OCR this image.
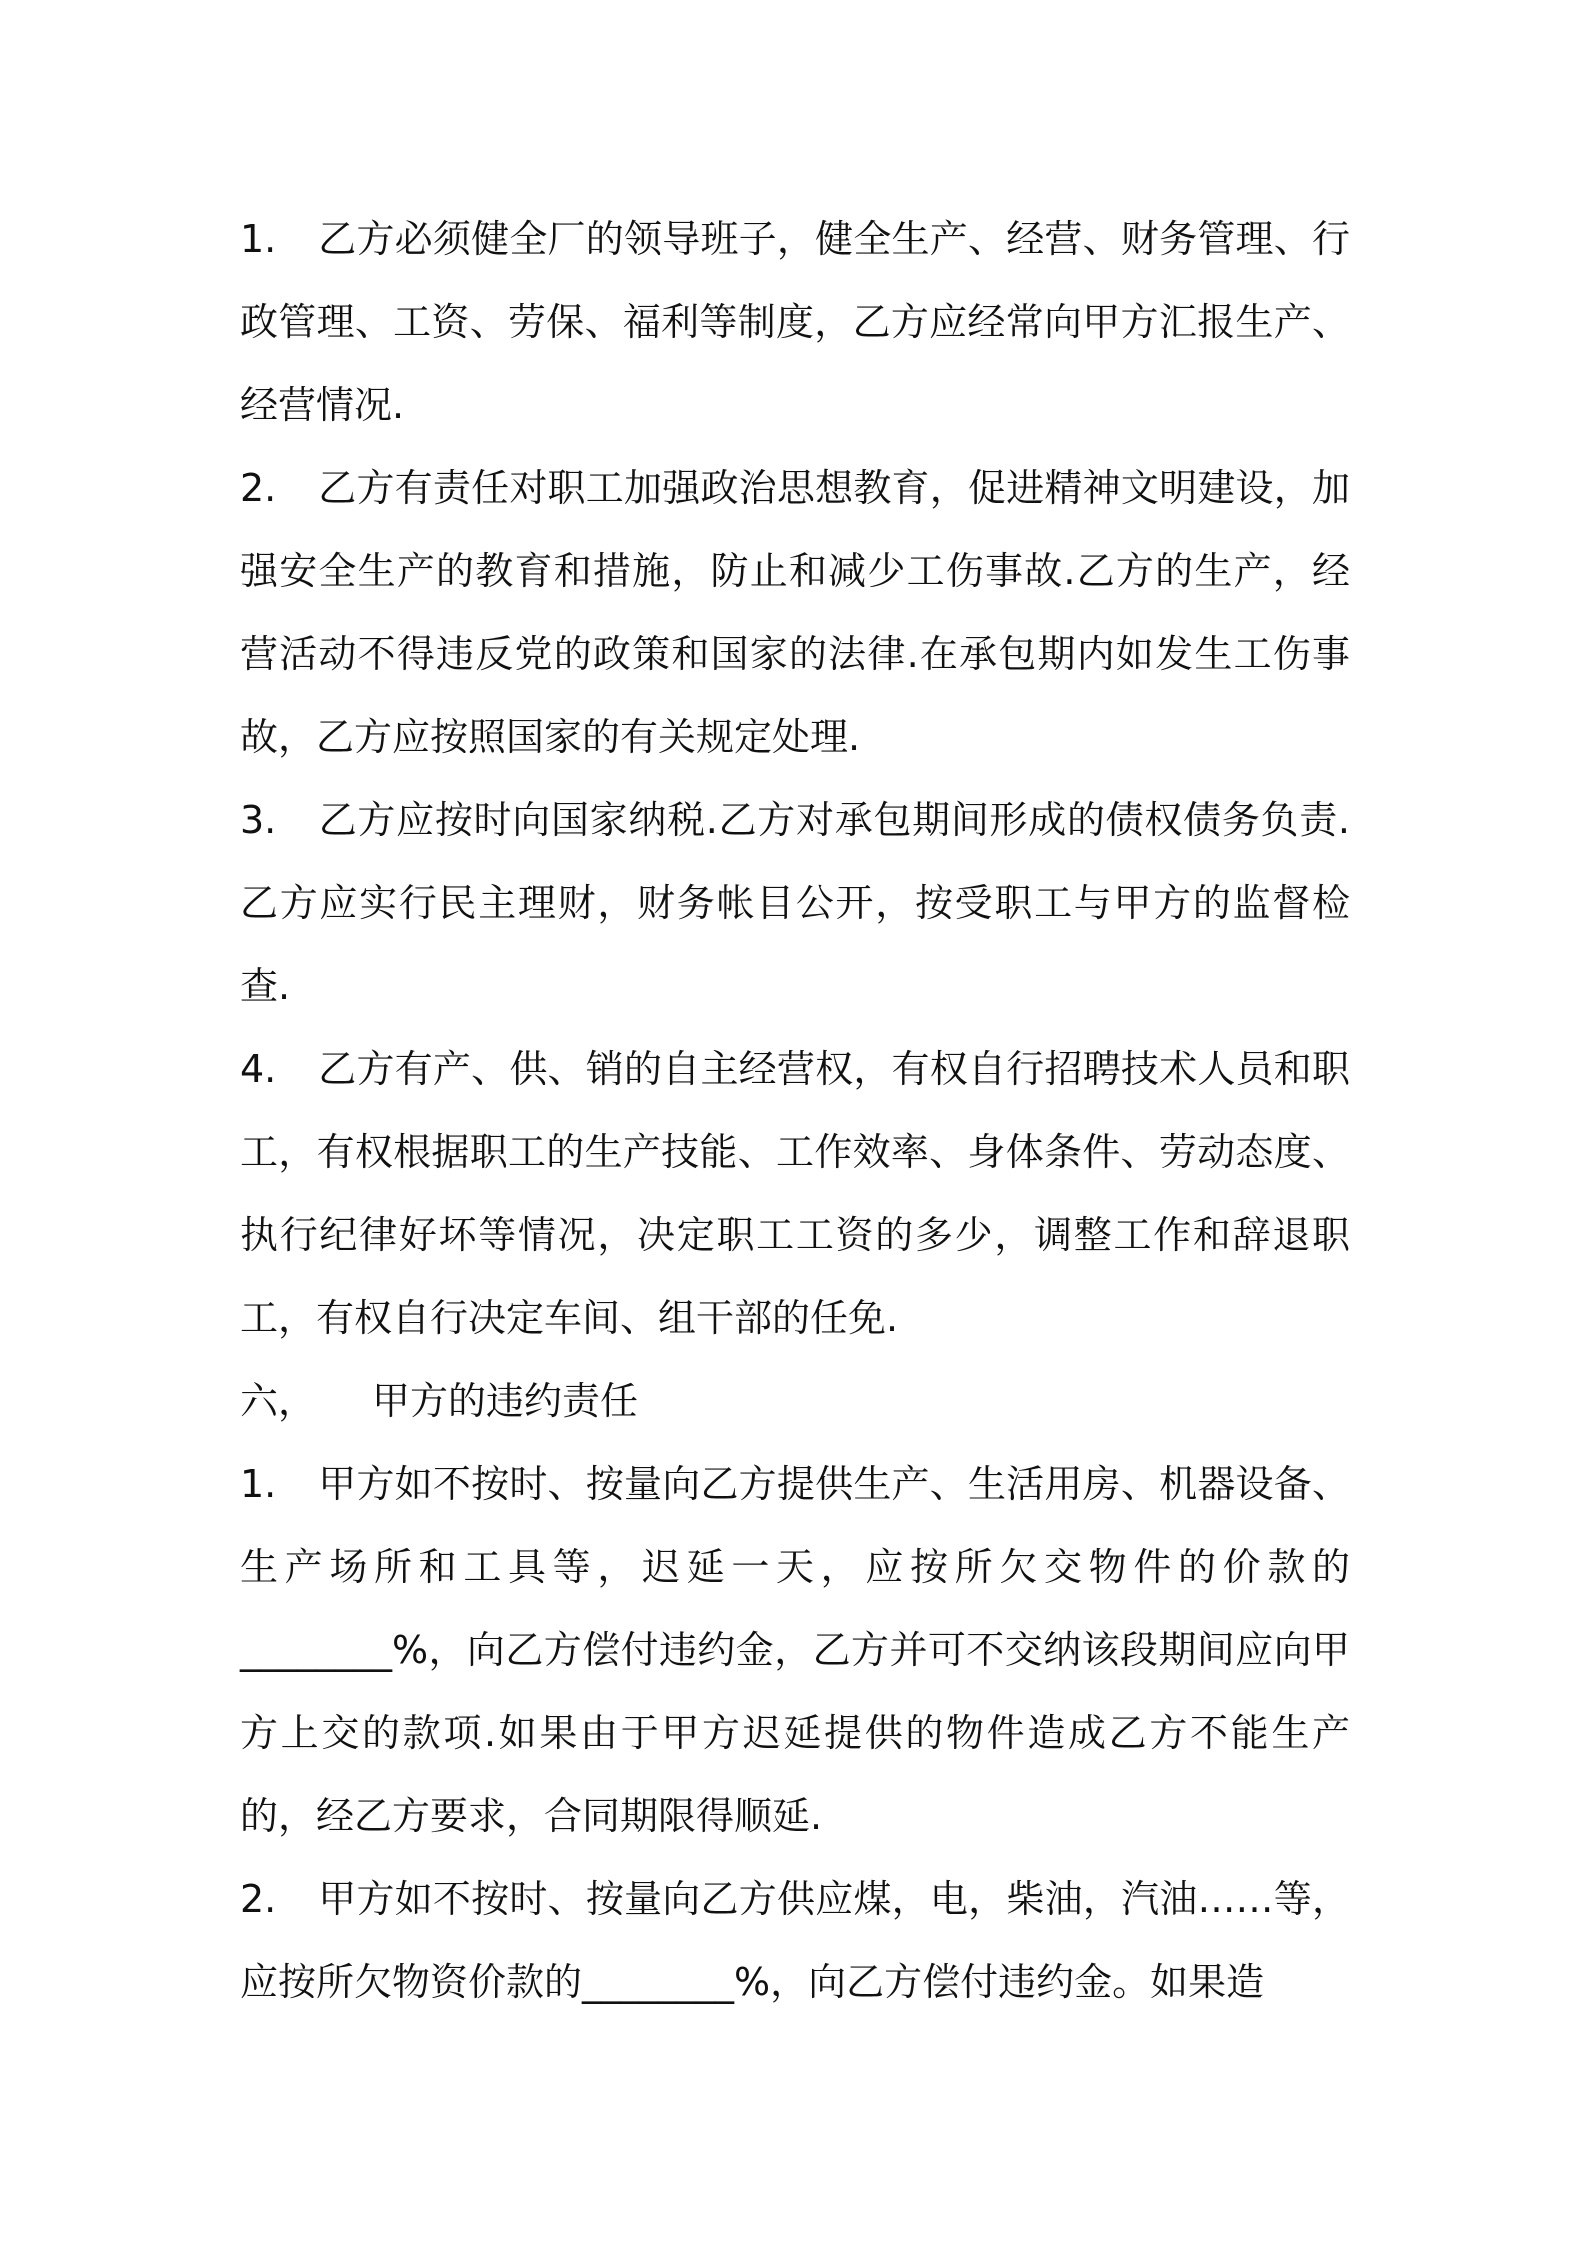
1. 乙方必须健全厂的领导班子，健全生产、经营、财务管理、行政管理、工资、劳保、福利等制度，乙方应经常向甲方汇报生产、经营情况.

2. 乙方有责任对职工加强政治思想教育，促进精神文明建设，加强安全生产的教育和措施，防止和减少工伤事故.乙方的生产，经营活动不得违反党的政策和国家的法律.在承包期内如发生工伤事故，乙方应按照国家的有关规定处理.

3. 乙方应按时向国家纳税.乙方对承包期间形成的债权债务负责.乙方应实行民主理财，财务帐目公开，按受职工与甲方的监督检查.

4. 乙方有产、供、销的自主经营权，有权自行招聘技术人员和职工，有权根据职工的生产技能、工作效率、身体条件、劳动态度、执行纪律好坏等情况，决定职工工资的多少，调整工作和辞退职工，有权自行决定车间、组干部的任免.

六， 甲方的违约责任

1. 甲方如不按时、按量向乙方提供生产、生活用房、机器设备、生产场所和工具等，迟延一天，应按所欠交物件的价款的________%，向乙方偿付违约金，乙方并可不交纳该段期间应向甲方上交的款项.如果由于甲方迟延提供的物件造成乙方不能生产的，经乙方要求，合同期限得顺延.

2. 甲方如不按时、按量向乙方供应煤，电，柴油，汽油……等，应按所欠物资价款的________%，向乙方偿付违约金。如果造
